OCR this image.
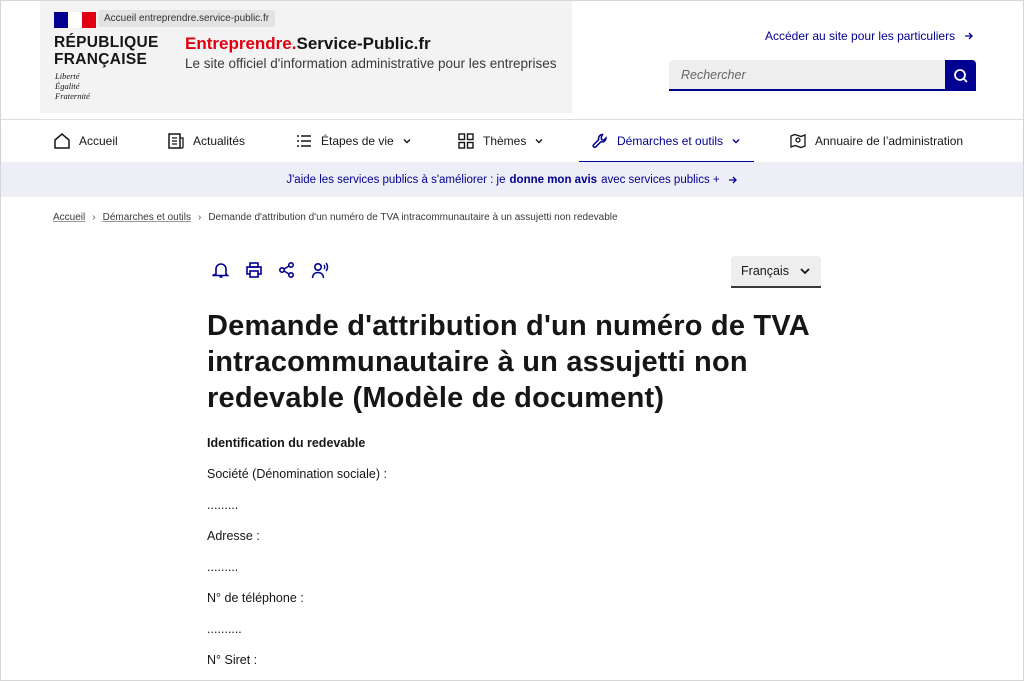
Accueil entreprendre.service-public.fr
RÉPUBLIQUE
FRANÇAISE
Liberté
Égalité
Fraternité
Entreprendre.Service-Public.fr
Le site officiel d'information administrative pour les entreprises
Accéder au site pour les particuliers
Rechercher
Accueil	Actualités	Étapes de vie	Thèmes	Démarches et outils	Annuaire de l’administration
J'aide les services publics à s'améliorer : je donne mon avis avec services publics +
Accueil › Démarches et outils › Demande d'attribution d'un numéro de TVA intracommunautaire à un assujetti non redevable
Français
Demande d'attribution d'un numéro de TVA intracommunautaire à un assujetti non redevable (Modèle de document)
Identification du redevable
Société (Dénomination sociale) :
.........
Adresse :
.........
N° de téléphone :
..........
N° Siret :
